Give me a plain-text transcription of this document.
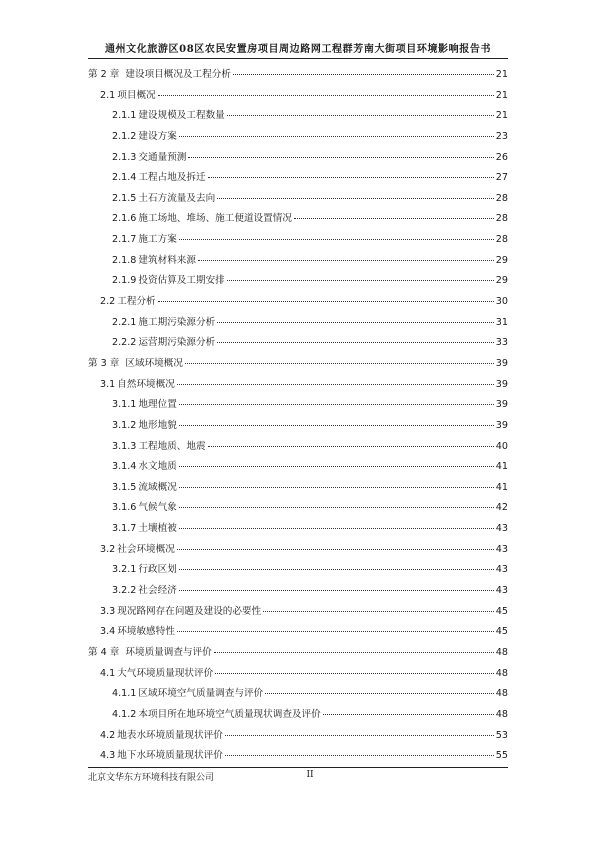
通州文化旅游区08区农民安置房项目周边路网工程群芳南大街项目环境影响报告书
第 2 章 建设项目概况及工程分析	21
2.1 项目概况	21
2.1.1 建设规模及工程数量	21
2.1.2 建设方案	23
2.1.3 交通量预测	26
2.1.4 工程占地及拆迁	27
2.1.5 土石方流量及去向	28
2.1.6 施工场地、堆场、施工便道设置情况	28
2.1.7 施工方案	28
2.1.8 建筑材料来源	29
2.1.9 投资估算及工期安排	29
2.2 工程分析	30
2.2.1 施工期污染源分析	31
2.2.2 运营期污染源分析	33
第 3 章 区域环境概况	39
3.1 自然环境概况	39
3.1.1 地理位置	39
3.1.2 地形地貌	39
3.1.3 工程地质、地震	40
3.1.4 水文地质	41
3.1.5 流域概况	41
3.1.6 气候气象	42
3.1.7 土壤植被	43
3.2 社会环境概况	43
3.2.1 行政区划	43
3.2.2 社会经济	43
3.3 现况路网存在问题及建设的必要性	45
3.4 环境敏感特性	45
第 4 章 环境质量调查与评价	48
4.1 大气环境质量现状评价	48
4.1.1 区域环境空气质量调查与评价	48
4.1.2 本项目所在地环境空气质量现状调查及评价	48
4.2 地表水环境质量现状评价	53
4.3 地下水环境质量现状评价	55
北京文华东方环境科技有限公司	II
